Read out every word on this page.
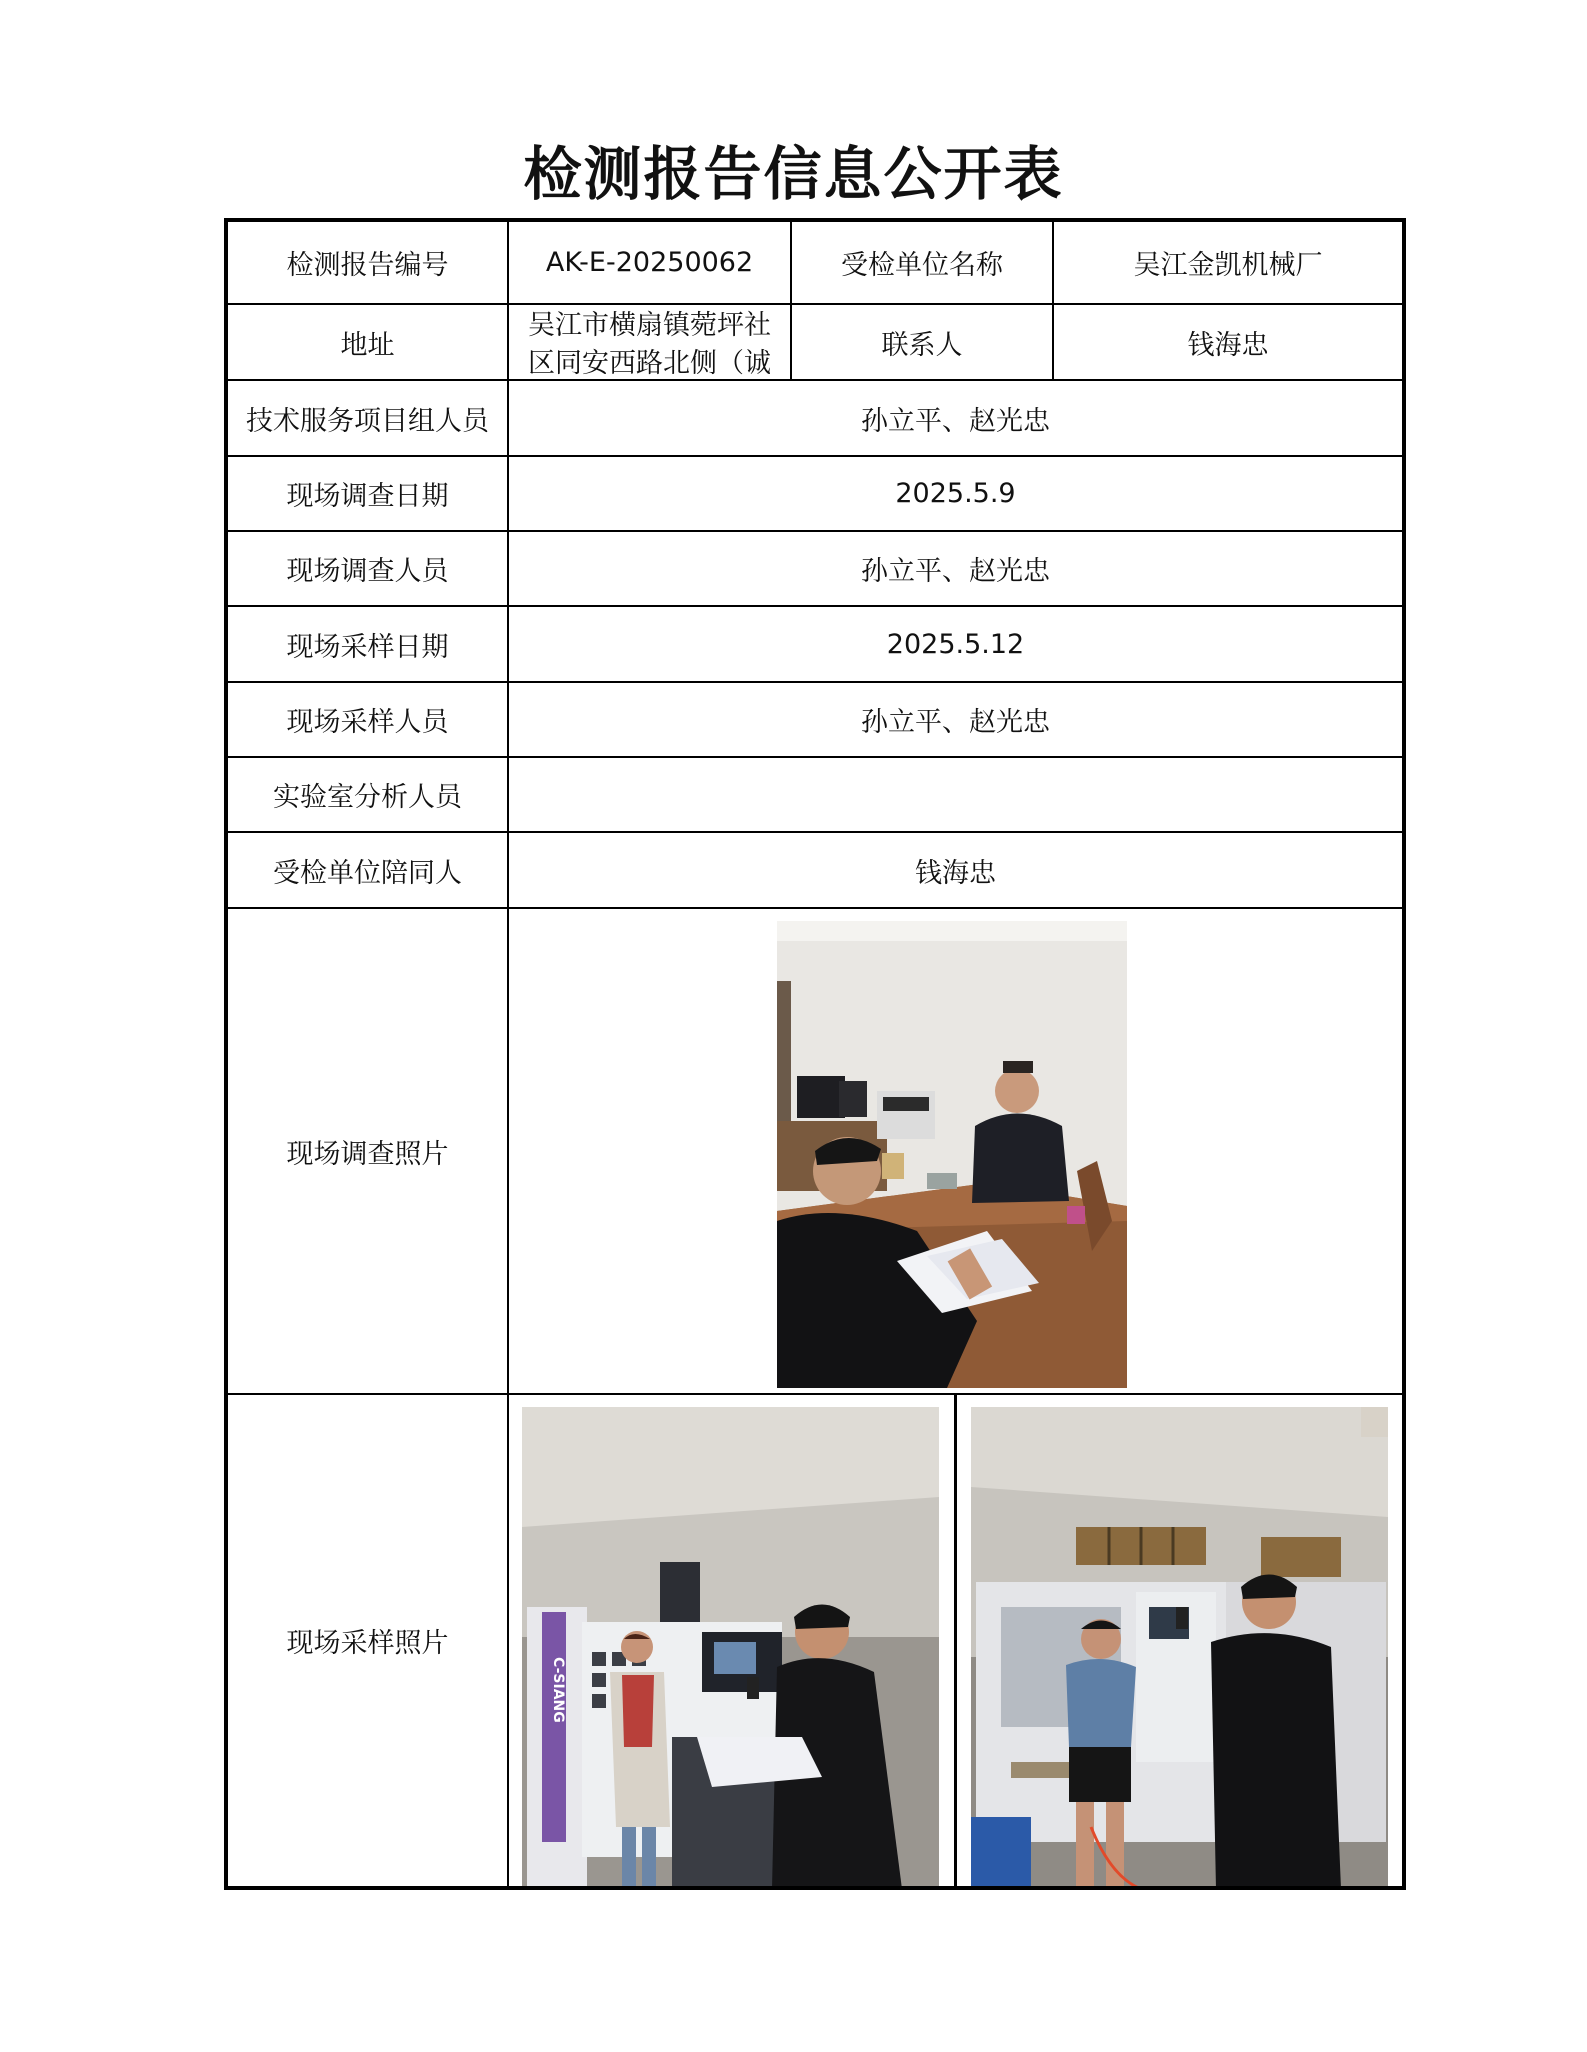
检测报告信息公开表
检测报告编号	AK-E-20250062	受检单位名称	吴江金凯机械厂
地址	吴江市横扇镇菀坪社区同安西路北侧（诚	联系人	钱海忠
技术服务项目组人员	孙立平、赵光忠		
现场调查日期	2025.5.9		
现场调查人员	孙立平、赵光忠		
现场采样日期	2025.5.12		
现场采样人员	孙立平、赵光忠		
实验室分析人员			
受检单位陪同人	钱海忠		
现场调查照片	

现场采样照片	C-SIANG		
